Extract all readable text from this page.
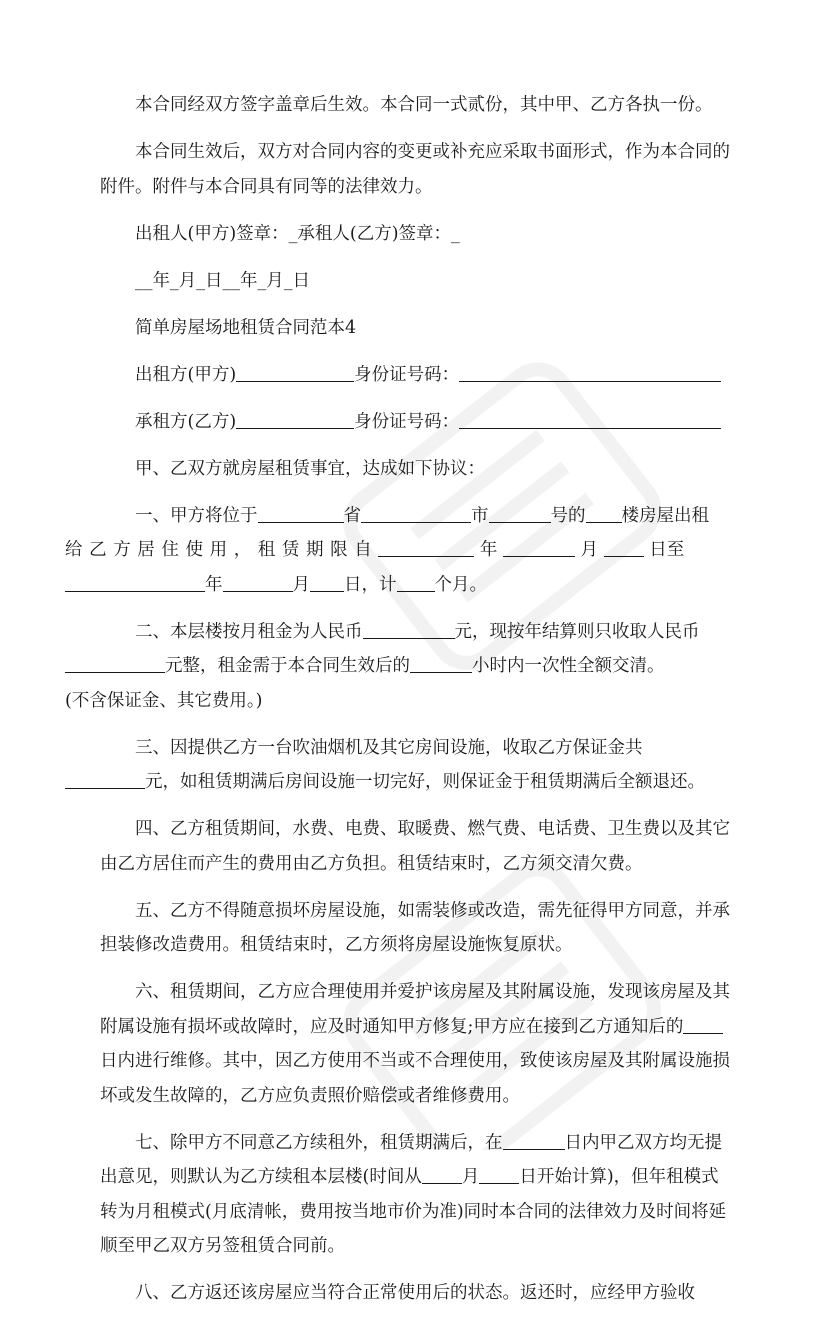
本合同经双方签字盖章后生效。本合同一式贰份，其中甲、乙方各执一份。

本合同生效后，双方对合同内容的变更或补充应采取书面形式，作为本合同的附件。附件与本合同具有同等的法律效力。

出租人(甲方)签章：_承租人(乙方)签章：_

__年_月_日__年_月_日

简单房屋场地租赁合同范本4

出租方(甲方)	身份证号码：

承租方(乙方)	身份证号码：

甲、乙双方就房屋租赁事宜，达成如下协议：

一、甲方将位于	省	市	号的 楼房屋出租
给乙方居住使用，租赁期限自	年	月	日至
年	月 日，计 个月。

二、本层楼按月租金为人民币	元，现按年结算则只收取人民币
元整，租金需于本合同生效后的	小时内一次性全额交清。
(不含保证金、其它费用。)

三、因提供乙方一台吹油烟机及其它房间设施，收取乙方保证金共
元，如租赁期满后房间设施一切完好，则保证金于租赁期满后全额退还。

四、乙方租赁期间，水费、电费、取暖费、燃气费、电话费、卫生费以及其它由乙方居住而产生的费用由乙方负担。租赁结束时，乙方须交清欠费。

五、乙方不得随意损坏房屋设施，如需装修或改造，需先征得甲方同意，并承担装修改造费用。租赁结束时，乙方须将房屋设施恢复原状。

六、租赁期间，乙方应合理使用并爱护该房屋及其附属设施，发现该房屋及其附属设施有损坏或故障时，应及时通知甲方修复;甲方应在接到乙方通知后的日内进行维修。其中，因乙方使用不当或不合理使用，致使该房屋及其附属设施损坏或发生故障的，乙方应负责照价赔偿或者维修费用。

七、除甲方不同意乙方续租外，租赁期满后，在	日内甲乙双方均无提出意见，则默认为乙方续租本层楼(时间从 月 日开始计算)，但年租模式转为月租模式(月底清帐，费用按当地市价为准)同时本合同的法律效力及时间将延顺至甲乙双方另签租赁合同前。

八、乙方返还该房屋应当符合正常使用后的状态。返还时，应经甲方验收
